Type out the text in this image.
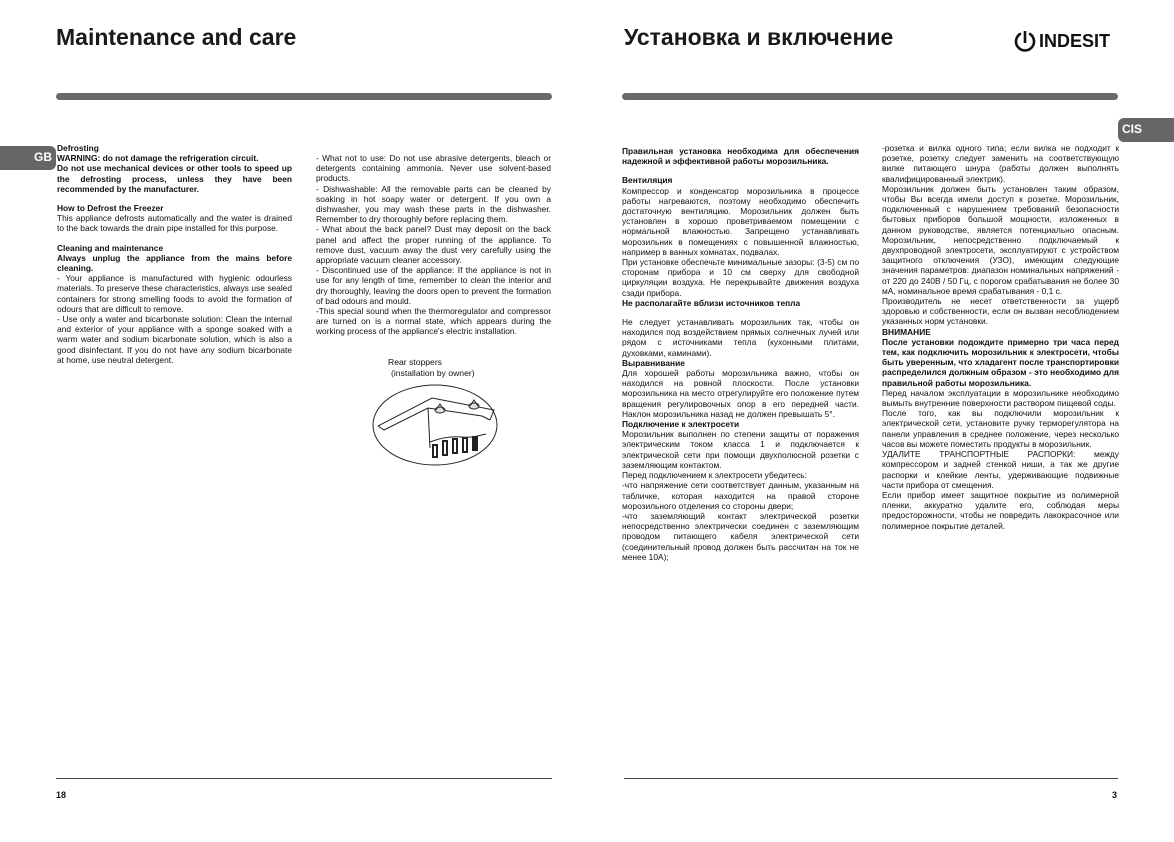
Maintenance and care
GB

Defrosting

WARNING: do not damage the refrigeration circuit.

Do not use mechanical devices or other tools to speed up the defrosting process, unless they have been recommended by the manufacturer.

How to Defrost the Freezer

This appliance defrosts automatically and the water is drained to the back towards the drain pipe installed for this purpose.

Cleaning and maintenance

Always unplug the appliance from the mains before cleaning.

- Your appliance is manufactured with hygienic odourless materials. To preserve these characteristics, always use sealed containers for strong smelling foods to avoid the formation of odours that are difficult to remove.

- Use only a water and bicarbonate solution: Clean the internal and exterior of your appliance with a sponge soaked with a warm water and sodium bicarbonate solution, which is also a good disinfectant. If you do not have any sodium bicarbonate at home, use neutral detergent.

- What not to use: Do not use abrasive detergents, bleach or detergents containing ammonia. Never use solvent-based products.

- Dishwashable: All the removable parts can be cleaned by soaking in hot soapy water or detergent. If you own a dishwasher, you may wash these parts in the dishwasher. Remember to dry thoroughly before replacing them.

- What about the back panel? Dust may deposit on the back panel and affect the proper running of the appliance. To remove dust, vacuum away the dust very carefully using the appropriate vacuum cleaner accessory.

- Discontinued use of the appliance: If the appliance is not in use for any length of time, remember to clean the interior and dry thoroughly, leaving the doors open to prevent the formation of bad odours and mould.

-This special sound when the thermoregulator and compressor are turned on is a normal state, which appears during the working process of the appliance's electric installation.

Rear stoppers
(installation by owner)
18
Установка и включение	INDESIT
CIS

Правильная установка необходима для обеспечения надежной и эффективной работы морозильника.

Вентиляция

Компрессор и конденсатор морозильника в процессе работы нагреваются, поэтому необходимо обеспечить достаточную вентиляцию. Морозильник должен быть установлен в хорошо проветриваемом помещении с нормальной влажностью. Запрещено устанавливать морозильник в помещениях с повышенной влажностью, например в ванных комнатах, подвалах.

При установке обеспечьте минимальные зазоры: (3-5) см по сторонам прибора и 10 см сверху для свободной циркуляции воздуха. Не перекрывайте движения воздуха сзади прибора.

Не располагайте вблизи источников тепла

Не следует устанавливать морозильник так, чтобы он находился под воздействием прямых солнечных лучей или рядом с источниками тепла (кухонными плитами, духовками, каминами).

Выравнивание

Для хорошей работы морозильника важно, чтобы он находился на ровной плоскости. После установки морозильника на место отрегулируйте его положение путем вращения регулировочных опор в его передней части. Наклон морозильника назад не должен превышать 5°.

Подключение к электросети

Морозильник выполнен по степени защиты от поражения электрическим током класса 1 и подключается к электрической сети при помощи двухполюсной розетки с заземляющим контактом.

Перед подключением к электросети убедитесь:

-что напряжение сети соответствует данным, указанным на табличке, которая находится на правой стороне морозильного отделения со стороны двери;

-что заземляющий контакт электрической розетки непосредственно электрически соединен с заземляющим проводом питающего кабеля электрической сети (соединительный провод должен быть рассчитан на ток не менее 10А);

-розетка и вилка одного типа; если вилка не подходит к розетке, розетку следует заменить на соответствующую вилке питающего шнура (работы должен выполнять квалифицированный электрик).

Морозильник должен быть установлен таким образом, чтобы Вы всегда имели доступ к розетке. Морозильник, подключенный с нарушением требований безопасности бытовых приборов большой мощности, изложенных в данном руководстве, является потенциально опасным. Морозильник, непосредственно подключаемый к двухпроводной электросети, эксплуатируют с устройством защитного отключения (УЗО), имеющим следующие значения параметров: диапазон номинальных напряжений - от 220 до 240В / 50 Гц, с порогом срабатывания не более 30 мА, номинальное время срабатывания - 0,1 с.

Производитель не несет ответственности за ущерб здоровью и собственности, если он вызван несоблюдением указанных норм установки.

ВНИМАНИЕ

После установки подождите примерно три часа перед тем, как подключить морозильник к электросети, чтобы быть уверенным, что хладагент после транспортировки распределился должным образом - это необходимо для правильной работы морозильника.

Перед началом эксплуатации в морозильнике необходимо вымыть внутренние поверхности раствором пищевой соды.

После того, как вы подключили морозильник к электрической сети, установите ручку терморегулятора на панели управления в среднее положение, через несколько часов вы можете поместить продукты в морозильник.

УДАЛИТЕ ТРАНСПОРТНЫЕ РАСПОРКИ: между компрессором и задней стенкой ниши, а так же другие распорки и клейкие ленты, удерживающие подвижные части прибора от смещения.

Если прибор имеет защитное покрытие из полимерной пленки, аккуратно удалите его, соблюдая меры предосторожности, чтобы не повредить лакокрасочное или полимерное покрытие деталей.

3
